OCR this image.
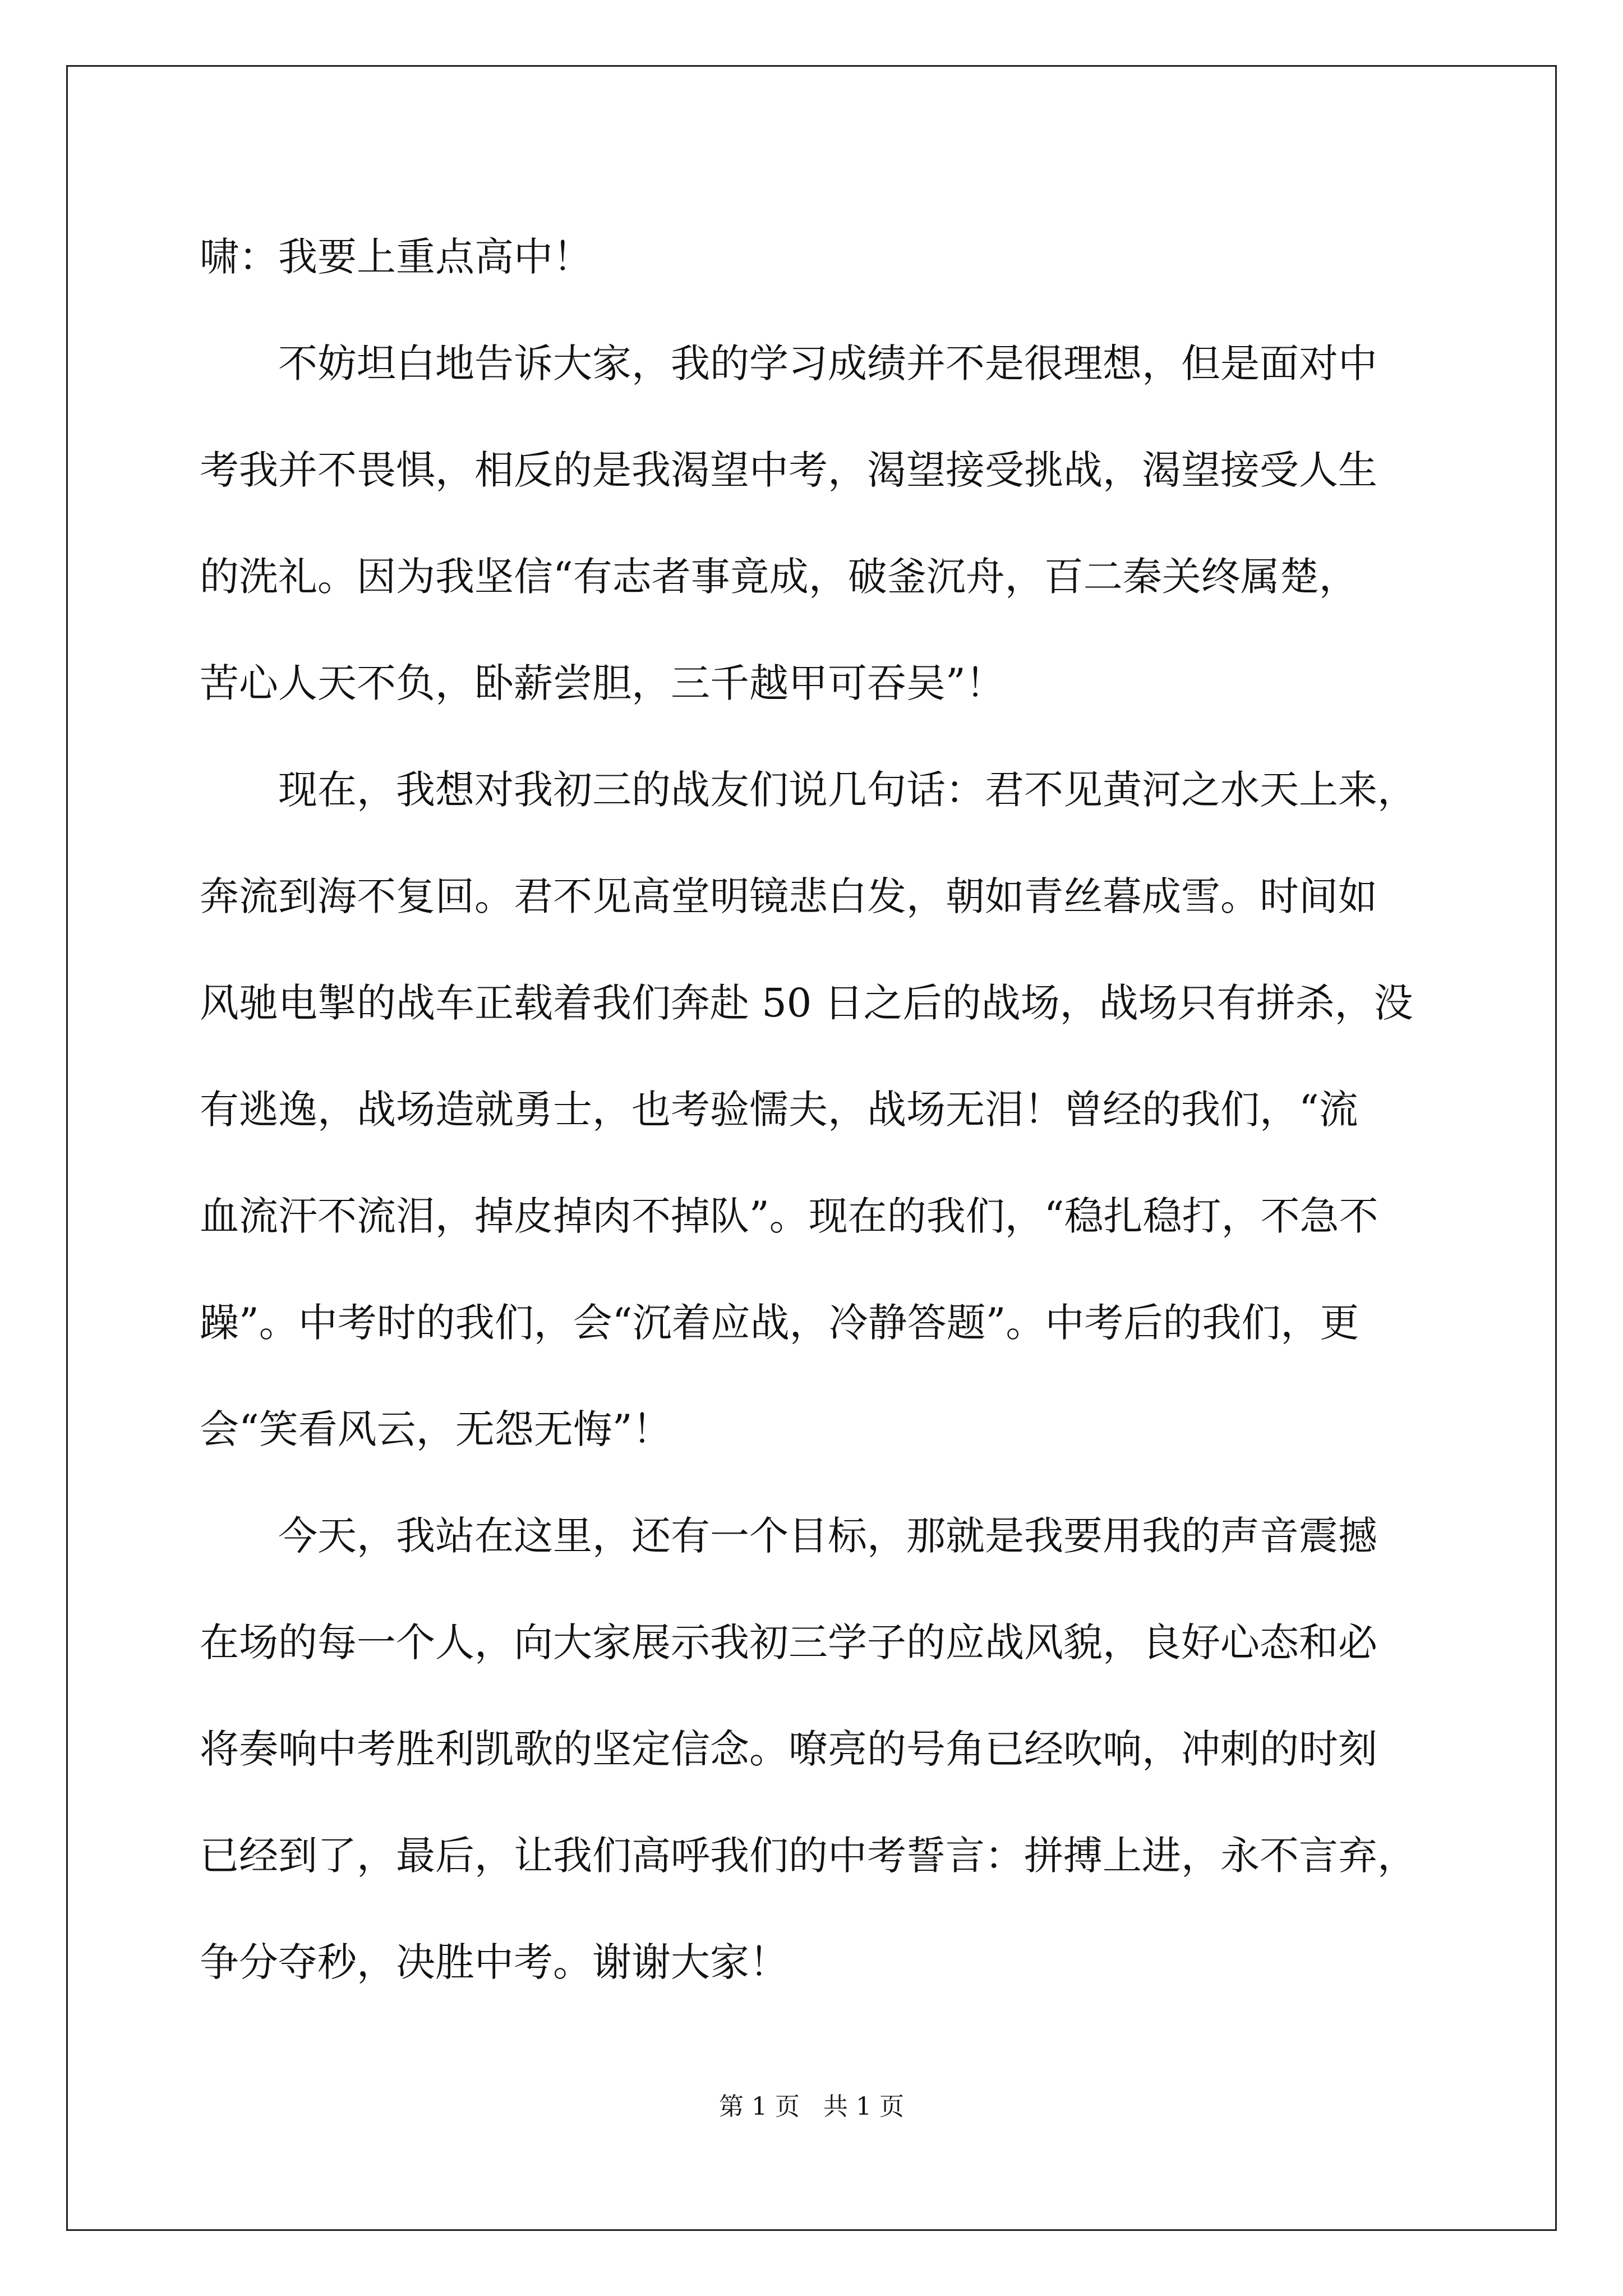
啸：我要上重点高中！
　　不妨坦白地告诉大家，我的学习成绩并不是很理想，但是面对中
考我并不畏惧，相反的是我渴望中考，渴望接受挑战，渴望接受人生
的洗礼。因为我坚信“有志者事竟成，破釜沉舟，百二秦关终属楚，
苦心人天不负，卧薪尝胆，三千越甲可吞吴”！
　　现在，我想对我初三的战友们说几句话：君不见黄河之水天上来，
奔流到海不复回。君不见高堂明镜悲白发，朝如青丝暮成雪。时间如
风驰电掣的战车正载着我们奔赴 50 日之后的战场，战场只有拼杀，没
有逃逸，战场造就勇士，也考验懦夫，战场无泪！曾经的我们，“流
血流汗不流泪，掉皮掉肉不掉队”。现在的我们，“稳扎稳打，不急不
躁”。中考时的我们，会“沉着应战，冷静答题”。中考后的我们，更
会“笑看风云，无怨无悔”！
　　今天，我站在这里，还有一个目标，那就是我要用我的声音震撼
在场的每一个人，向大家展示我初三学子的应战风貌，良好心态和必
将奏响中考胜利凯歌的坚定信念。嘹亮的号角已经吹响，冲刺的时刻
已经到了，最后，让我们高呼我们的中考誓言：拼搏上进，永不言弃，
争分夺秒，决胜中考。谢谢大家！
第 1 页   共 1 页
